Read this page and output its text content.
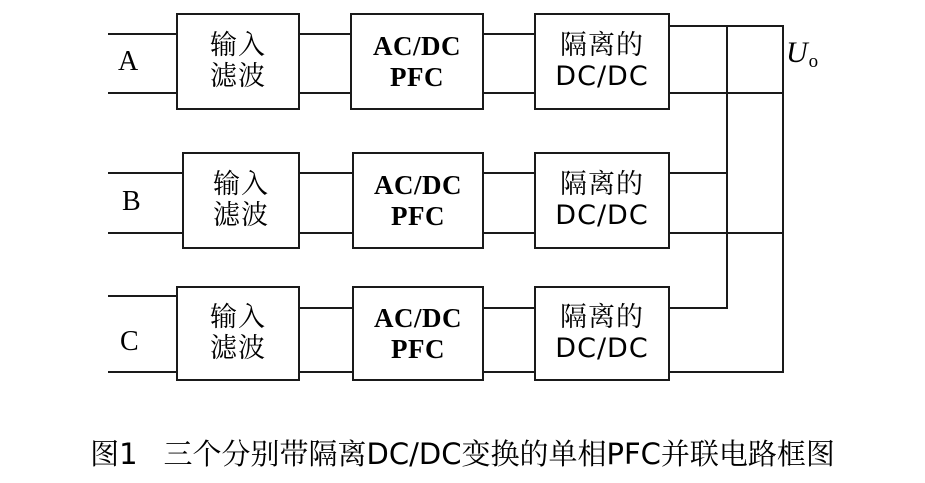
A
输入
滤波
AC/DC
PFC
隔离的
DC/DC
B
输入
滤波
AC/DC
PFC
隔离的
DC/DC
C
输入
滤波
AC/DC
PFC
隔离的
DC/DC
$U_o$
图1 三个分别带隔离DC/DC变换的单相PFC并联电路框图
